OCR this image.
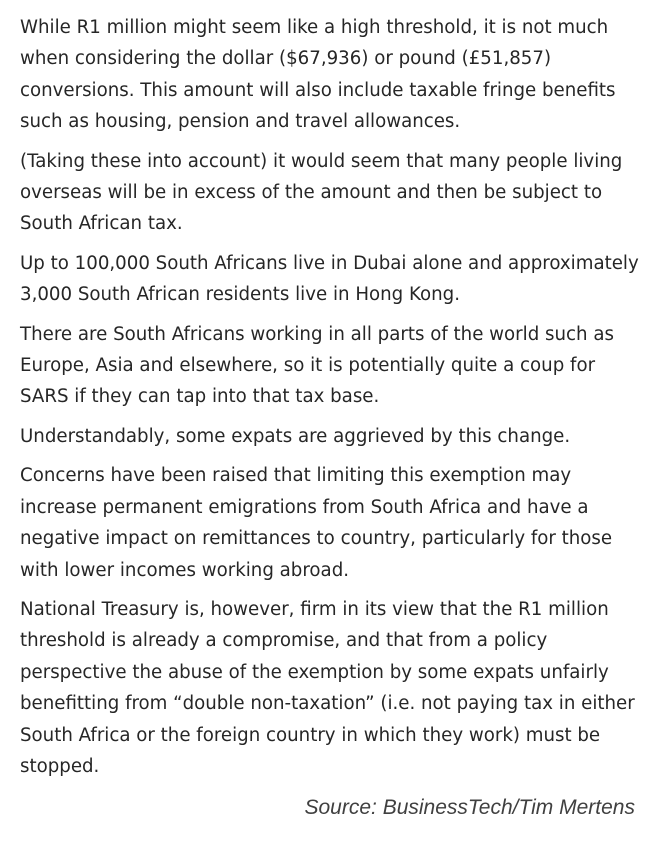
While R1 million might seem like a high threshold, it is not much when considering the dollar ($67,936) or pound (£51,857) conversions. This amount will also include taxable fringe benefits such as housing, pension and travel allowances.

(Taking these into account) it would seem that many people living overseas will be in excess of the amount and then be subject to South African tax.

Up to 100,000 South Africans live in Dubai alone and approximately 3,000 South African residents live in Hong Kong.

There are South Africans working in all parts of the world such as Europe, Asia and elsewhere, so it is potentially quite a coup for SARS if they can tap into that tax base.

Understandably, some expats are aggrieved by this change.

Concerns have been raised that limiting this exemption may increase permanent emigrations from South Africa and have a negative impact on remittances to country, particularly for those with lower incomes working abroad.

National Treasury is, however, firm in its view that the R1 million threshold is already a compromise, and that from a policy perspective the abuse of the exemption by some expats unfairly benefitting from “double non-taxation” (i.e. not paying tax in either South Africa or the foreign country in which they work) must be stopped.

Source: BusinessTech/Tim Mertens
